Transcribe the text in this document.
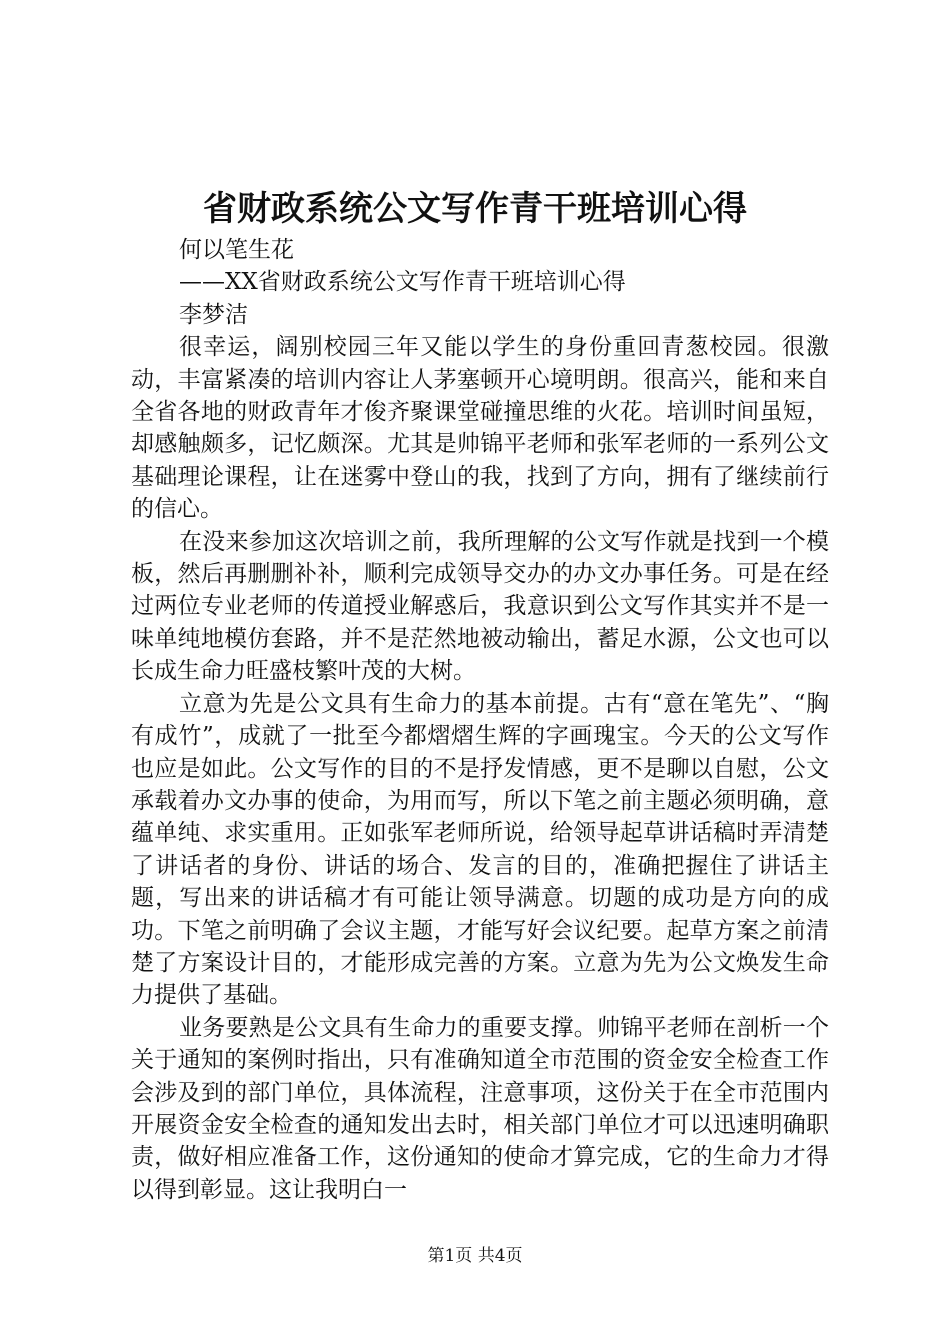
省财政系统公文写作青干班培训心得

何以笔生花

——XX省财政系统公文写作青干班培训心得

李梦洁

很幸运，阔别校园三年又能以学生的身份重回青葱校园。很激动，丰富紧凑的培训内容让人茅塞顿开心境明朗。很高兴，能和来自全省各地的财政青年才俊齐聚课堂碰撞思维的火花。培训时间虽短，却感触颇多，记忆颇深。尤其是帅锦平老师和张军老师的一系列公文基础理论课程，让在迷雾中登山的我，找到了方向，拥有了继续前行的信心。

在没来参加这次培训之前，我所理解的公文写作就是找到一个模板，然后再删删补补，顺利完成领导交办的办文办事任务。可是在经过两位专业老师的传道授业解惑后，我意识到公文写作其实并不是一味单纯地模仿套路，并不是茫然地被动输出，蓄足水源，公文也可以长成生命力旺盛枝繁叶茂的大树。

立意为先是公文具有生命力的基本前提。古有“意在笔先”、“胸有成竹”，成就了一批至今都熠熠生辉的字画瑰宝。今天的公文写作也应是如此。公文写作的目的不是抒发情感，更不是聊以自慰，公文承载着办文办事的使命，为用而写，所以下笔之前主题必须明确，意蕴单纯、求实重用。正如张军老师所说，给领导起草讲话稿时弄清楚了讲话者的身份、讲话的场合、发言的目的，准确把握住了讲话主题，写出来的讲话稿才有可能让领导满意。切题的成功是方向的成功。下笔之前明确了会议主题，才能写好会议纪要。起草方案之前清楚了方案设计目的，才能形成完善的方案。立意为先为公文焕发生命力提供了基础。

业务要熟是公文具有生命力的重要支撑。帅锦平老师在剖析一个关于通知的案例时指出，只有准确知道全市范围的资金安全检查工作会涉及到的部门单位，具体流程，注意事项，这份关于在全市范围内开展资金安全检查的通知发出去时，相关部门单位才可以迅速明确职责，做好相应准备工作，这份通知的使命才算完成，它的生命力才得以得到彰显。这让我明白一

第1页 共4页
